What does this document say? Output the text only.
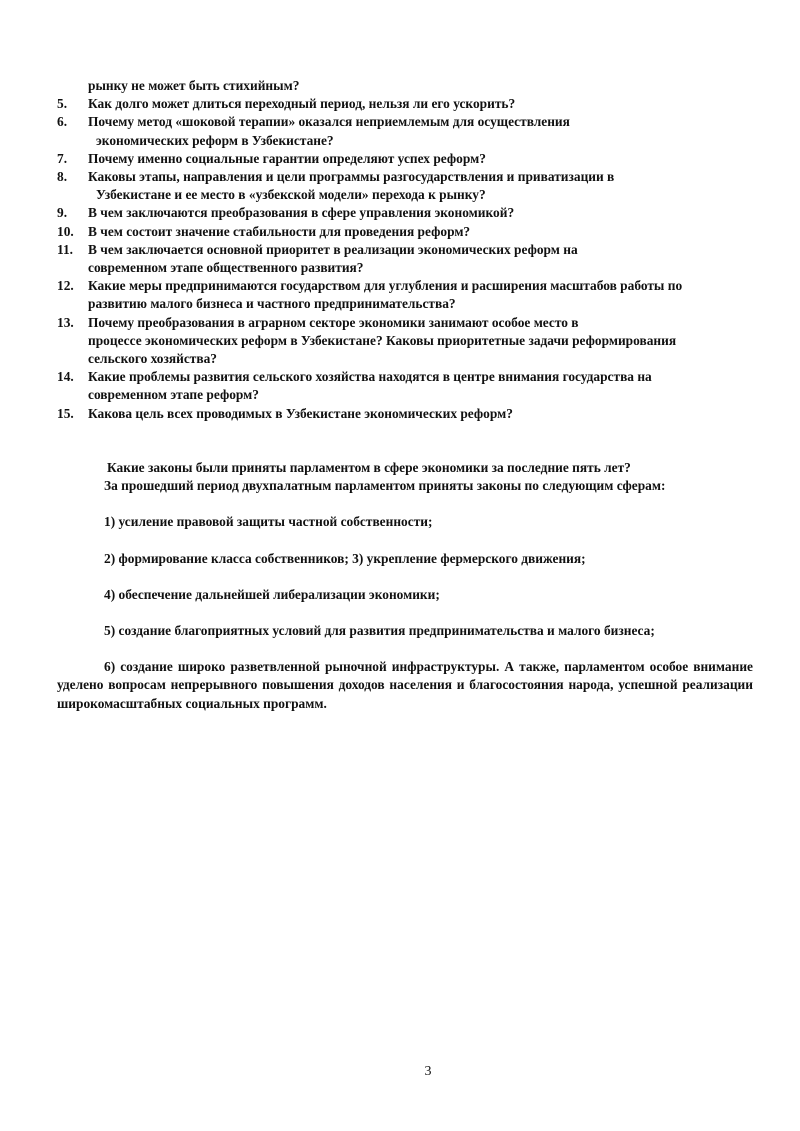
рынку не может быть стихийным?
5. Как долго может длиться переходный период, нельзя ли его ускорить?
6. Почему метод «шоковой терапии» оказался неприемлемым для осуществления
экономических реформ в Узбекистане?
7. Почему именно социальные гарантии определяют успех реформ?
8. Каковы этапы, направления и цели программы разгосударствления и приватизации в
Узбекистане и ее место в «узбекской модели» перехода к рынку?
9. В чем заключаются преобразования в сфере управления экономикой?
10. В чем состоит значение стабильности для проведения реформ?
11. В чем заключается основной приоритет в реализации экономических реформ на
современном этапе общественного развития?
12. Какие меры предпринимаются государством для углубления и расширения масштабов работы по
развитию малого бизнеса и частного предпринимательства?
13. Почему преобразования в аграрном секторе экономики занимают особое место в
процессе экономических реформ в Узбекистане? Каковы приоритетные задачи реформирования
сельского хозяйства?
14. Какие проблемы развития сельского хозяйства находятся в центре внимания государства на
современном этапе реформ?
15. Какова цель всех проводимых в Узбекистане экономических реформ?

Какие законы были приняты парламентом в сфере экономики за последние пять лет?

За прошедший период двухпалатным парламентом приняты законы по следующим сферам:

1) усиление правовой защиты частной собственности;

2) формирование класса собственников; 3) укрепление фермерского движения;

4) обеспечение дальнейшей либерализации экономики;

5) создание благоприятных условий для развития предпринимательства и малого бизнеса;

6) создание широко разветвленной рыночной инфраструктуры. А также, парламентом особое внимание уделено вопросам непрерывного повышения доходов населения и благосостояния народа, успешной реализации широкомасштабных социальных программ.

3
